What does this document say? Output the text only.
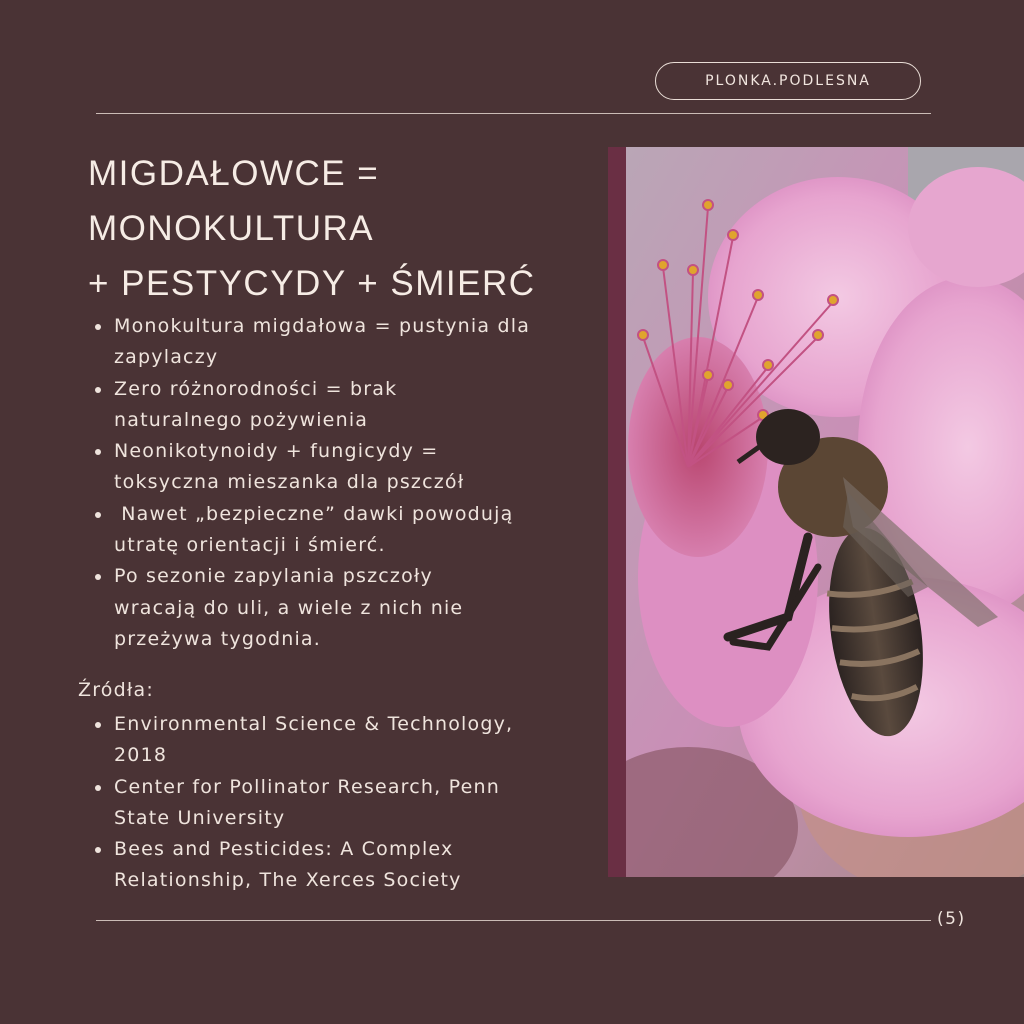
PLONKA.PODLESNA
MIGDAŁOWCE =
MONOKULTURA
+ PESTYCYDY + ŚMIERĆ
Monokultura migdałowa = pustynia dla
zapylaczy
Zero różnorodności = brak
naturalnego pożywienia
Neonikotynoidy + fungicydy =
toksyczna mieszanka dla pszczół
Nawet „bezpieczne” dawki powodują
utratę orientacji i śmierć.
Po sezonie zapylania pszczoły
wracają do uli, a wiele z nich nie
przeżywa tygodnia.
Źródła:
Environmental Science & Technology,
2018
Center for Pollinator Research, Penn
State University
Bees and Pesticides: A Complex
Relationship, The Xerces Society
(5)
